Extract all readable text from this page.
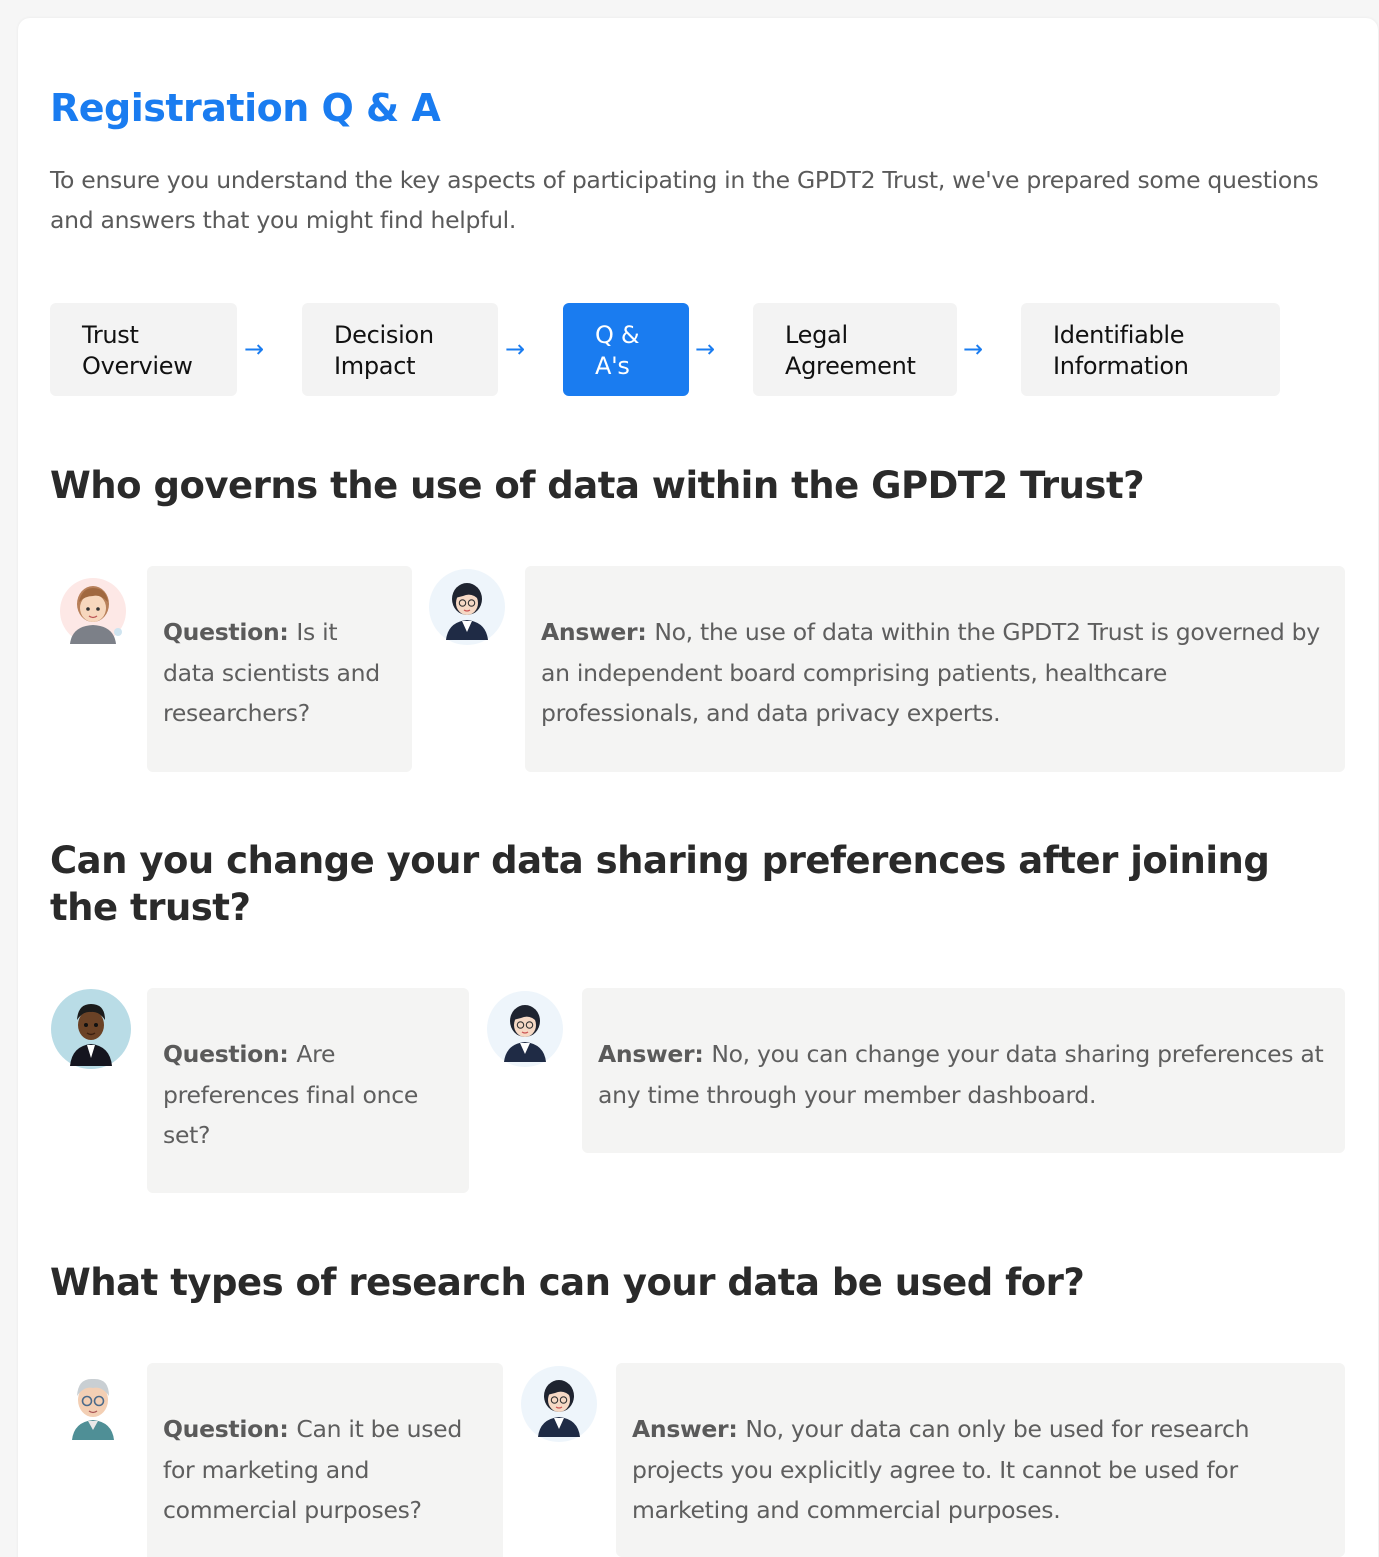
Registration Q & A

To ensure you understand the key aspects of participating in the GPDT2 Trust, we've prepared some questions and answers that you might find helpful.

Trust
Overview
→	Decision
Impact
→	Q &
A's
→	Legal
Agreement
→	Identifiable
Information
Who governs the use of data within the GPDT2 Trust?
Question: Is it data scientists and researchers?
Answer: No, the use of data within the GPDT2 Trust is governed by an independent board comprising patients, healthcare professionals, and data privacy experts.
Can you change your data sharing preferences after joining the trust?
Question: Are preferences final once set?
Answer: No, you can change your data sharing preferences at any time through your member dashboard.
What types of research can your data be used for?
Question: Can it be used for marketing and commercial purposes?
Answer: No, your data can only be used for research projects you explicitly agree to. It cannot be used for marketing and commercial purposes.
